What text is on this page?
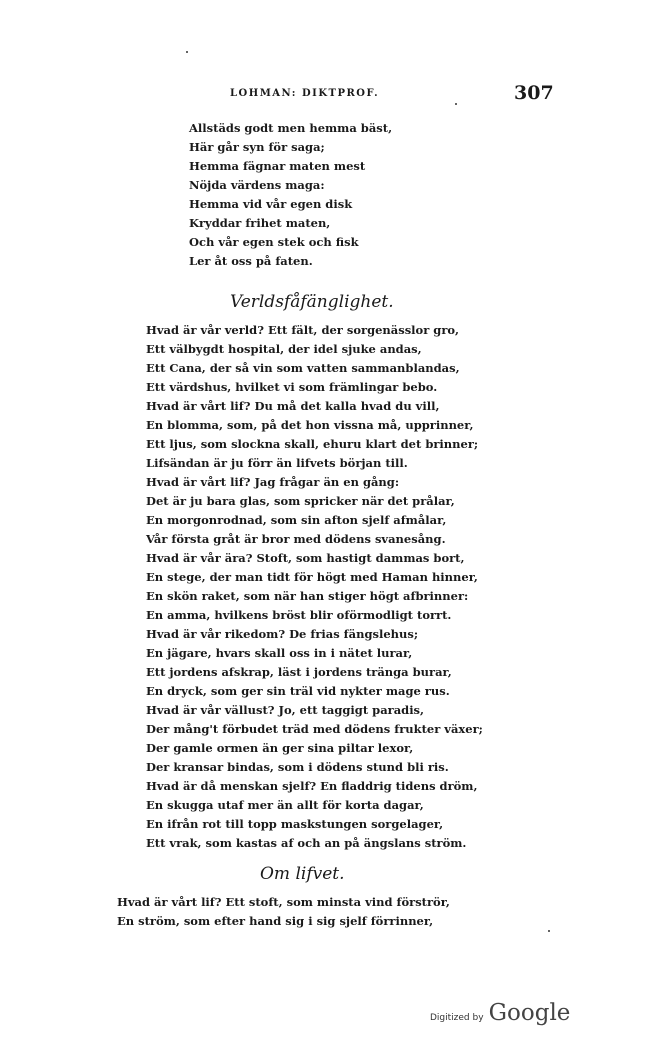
LOHMAN: DIKTPROF.	307
Allstäds godt men hemma bäst,
Här går syn för saga;
Hemma fägnar maten mest
Nöjda värdens maga:
Hemma vid vår egen disk
Kryddar frihet maten,
Och vår egen stek och fisk
Ler åt oss på faten.
Verldsfåfänglighet.
Hvad är vår verld? Ett fält, der sorgenässlor gro,
Ett välbygdt hospital, der idel sjuke andas,
Ett Cana, der så vin som vatten sammanblandas,
Ett värdshus, hvilket vi som främlingar bebo.
Hvad är vårt lif? Du må det kalla hvad du vill,
En blomma, som, på det hon vissna må, upprinner,
Ett ljus, som slockna skall, ehuru klart det brinner;
Lifsändan är ju förr än lifvets början till.
Hvad är vårt lif? Jag frågar än en gång:
Det är ju bara glas, som spricker när det prålar,
En morgonrodnad, som sin afton sjelf afmålar,
Vår första gråt är bror med dödens svanesång.
Hvad är vår ära? Stoft, som hastigt dammas bort,
En stege, der man tidt för högt med Haman hinner,
En skön raket, som när han stiger högt afbrinner:
En amma, hvilkens bröst blir oförmodligt torrt.
Hvad är vår rikedom? De frias fängslehus;
En jägare, hvars skall oss in i nätet lurar,
Ett jordens afskrap, läst i jordens tränga burar,
En dryck, som ger sin träl vid nykter mage rus.
Hvad är vår vällust? Jo, ett taggigt paradis,
Der mång't förbudet träd med dödens frukter växer;
Der gamle ormen än ger sina piltar lexor,
Der kransar bindas, som i dödens stund bli ris.
Hvad är då menskan sjelf? En fladdrig tidens dröm,
En skugga utaf mer än allt för korta dagar,
En ifrån rot till topp maskstungen sorgelager,
Ett vrak, som kastas af och an på ängslans ström.
Om lifvet.
Hvad är vårt lif? Ett stoft, som minsta vind förströr,
En ström, som efter hand sig i sig sjelf förrinner,
Digitized by Google
